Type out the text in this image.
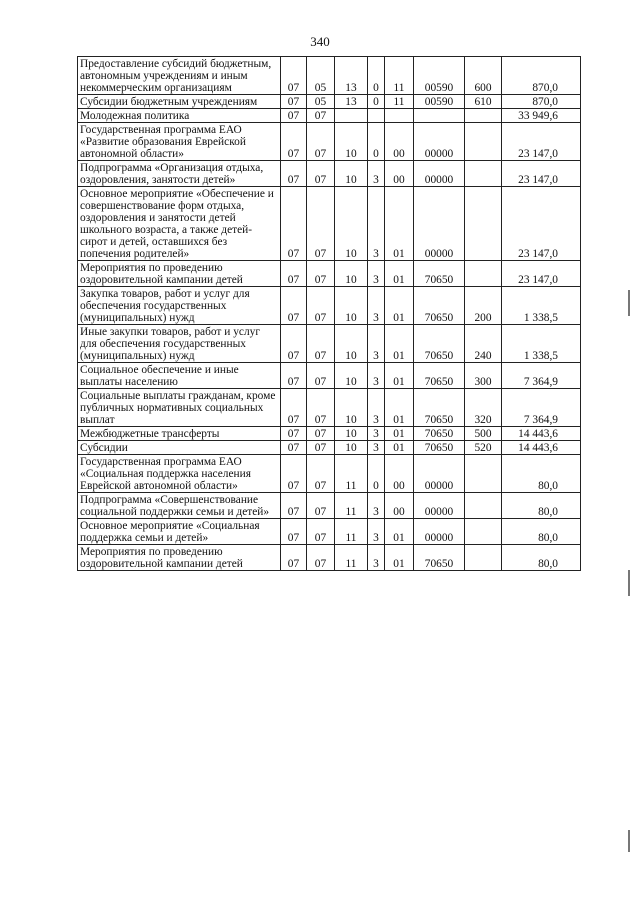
340
Предоставление субсидий бюджетным, автономным учреждениям и иным некоммерческим организациям	07	05	13	0	11	00590	600	870,0
Субсидии бюджетным учреждениям	07	05	13	0	11	00590	610	870,0
Молодежная политика	07	07						33 949,6
Государственная программа ЕАО «Развитие образования Еврейской автономной области»	07	07	10	0	00	00000		23 147,0
Подпрограмма «Организация отдыха, оздоровления, занятости детей»	07	07	10	3	00	00000		23 147,0
Основное мероприятие «Обеспечение и совершенствование форм отдыха, оздоровления и занятости детей школьного возраста, а также детей-сирот и детей, оставшихся без попечения родителей»	07	07	10	3	01	00000		23 147,0
Мероприятия по проведению оздоровительной кампании детей	07	07	10	3	01	70650		23 147,0
Закупка товаров, работ и услуг для обеспечения государственных (муниципальных) нужд	07	07	10	3	01	70650	200	1 338,5
Иные закупки товаров, работ и услуг для обеспечения государственных (муниципальных) нужд	07	07	10	3	01	70650	240	1 338,5
Социальное обеспечение и иные выплаты населению	07	07	10	3	01	70650	300	7 364,9
Социальные выплаты гражданам, кроме публичных нормативных социальных выплат	07	07	10	3	01	70650	320	7 364,9
Межбюджетные трансферты	07	07	10	3	01	70650	500	14 443,6
Субсидии	07	07	10	3	01	70650	520	14 443,6
Государственная программа ЕАО «Социальная поддержка населения Еврейской автономной области»	07	07	11	0	00	00000		80,0
Подпрограмма «Совершенствование социальной поддержки семьи и детей»	07	07	11	3	00	00000		80,0
Основное мероприятие «Социальная поддержка семьи и детей»	07	07	11	3	01	00000		80,0
Мероприятия по проведению оздоровительной кампании детей	07	07	11	3	01	70650		80,0
